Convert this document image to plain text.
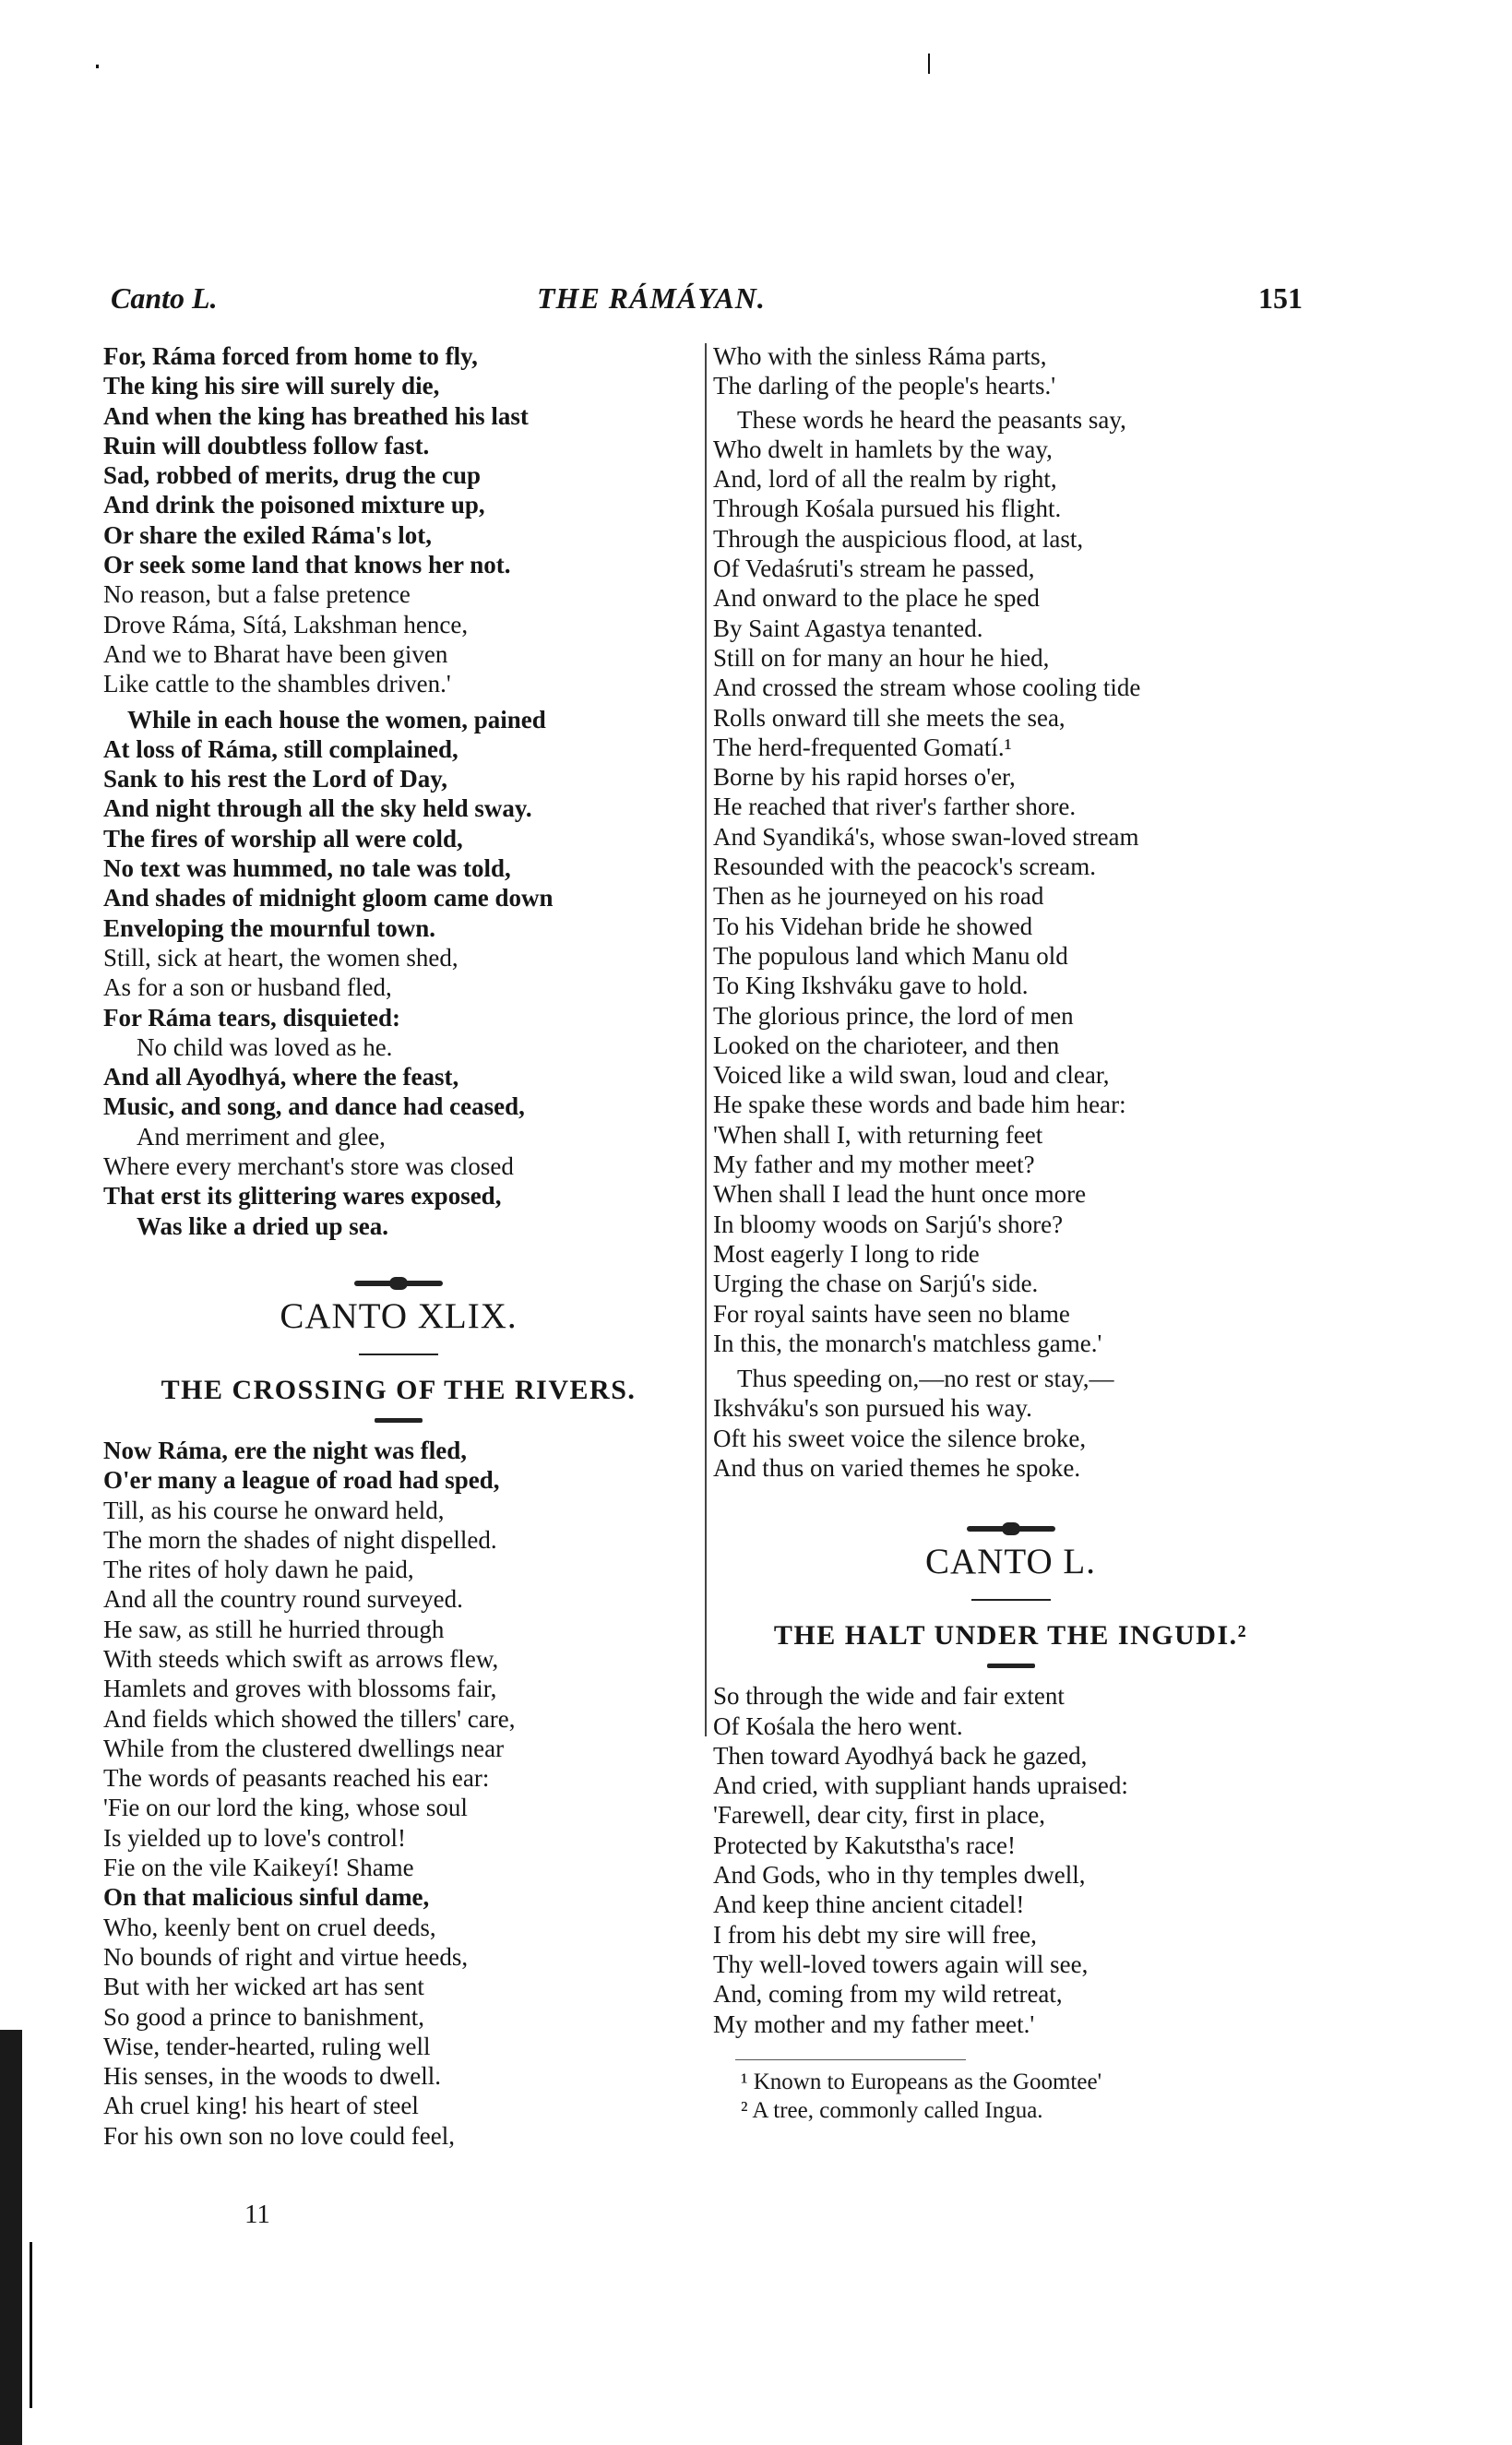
Canto L.	THE RÁMÁYAN.	151
For, Ráma forced from home to fly,
The king his sire will surely die,
And when the king has breathed his last
Ruin will doubtless follow fast.
Sad, robbed of merits, drug the cup
And drink the poisoned mixture up,
Or share the exiled Ráma's lot,
Or seek some land that knows her not.
No reason, but a false pretence
Drove Ráma, Sítá, Lakshman hence,
And we to Bharat have been given
Like cattle to the shambles driven.'
While in each house the women, pained
At loss of Ráma, still complained,
Sank to his rest the Lord of Day,
And night through all the sky held sway.
The fires of worship all were cold,
No text was hummed, no tale was told,
And shades of midnight gloom came down
Enveloping the mournful town.
Still, sick at heart, the women shed,
As for a son or husband fled,
For Ráma tears, disquieted:
No child was loved as he.
And all Ayodhyá, where the feast,
Music, and song, and dance had ceased,
And merriment and glee,
Where every merchant's store was closed
That erst its glittering wares exposed,
Was like a dried up sea.
CANTO XLIX.
THE CROSSING OF THE RIVERS.
Now Ráma, ere the night was fled,
O'er many a league of road had sped,
Till, as his course he onward held,
The morn the shades of night dispelled.
The rites of holy dawn he paid,
And all the country round surveyed.
He saw, as still he hurried through
With steeds which swift as arrows flew,
Hamlets and groves with blossoms fair,
And fields which showed the tillers' care,
While from the clustered dwellings near
The words of peasants reached his ear:
'Fie on our lord the king, whose soul
Is yielded up to love's control!
Fie on the vile Kaikeyí! Shame
On that malicious sinful dame,
Who, keenly bent on cruel deeds,
No bounds of right and virtue heeds,
But with her wicked art has sent
So good a prince to banishment,
Wise, tender-hearted, ruling well
His senses, in the woods to dwell.
Ah cruel king! his heart of steel
For his own son no love could feel,
11
Who with the sinless Ráma parts,
The darling of the people's hearts.'
These words he heard the peasants say,
Who dwelt in hamlets by the way,
And, lord of all the realm by right,
Through Kośala pursued his flight.
Through the auspicious flood, at last,
Of Vedaśruti's stream he passed,
And onward to the place he sped
By Saint Agastya tenanted.
Still on for many an hour he hied,
And crossed the stream whose cooling tide
Rolls onward till she meets the sea,
The herd-frequented Gomatí.¹
Borne by his rapid horses o'er,
He reached that river's farther shore.
And Syandiká's, whose swan-loved stream
Resounded with the peacock's scream.
Then as he journeyed on his road
To his Videhan bride he showed
The populous land which Manu old
To King Ikshváku gave to hold.
The glorious prince, the lord of men
Looked on the charioteer, and then
Voiced like a wild swan, loud and clear,
He spake these words and bade him hear:
'When shall I, with returning feet
My father and my mother meet?
When shall I lead the hunt once more
In bloomy woods on Sarjú's shore?
Most eagerly I long to ride
Urging the chase on Sarjú's side.
For royal saints have seen no blame
In this, the monarch's matchless game.'
Thus speeding on,—no rest or stay,—
Ikshváku's son pursued his way.
Oft his sweet voice the silence broke,
And thus on varied themes he spoke.
CANTO L.
THE HALT UNDER THE INGUDI.²
So through the wide and fair extent
Of Kośala the hero went.
Then toward Ayodhyá back he gazed,
And cried, with suppliant hands upraised:
'Farewell, dear city, first in place,
Protected by Kakutstha's race!
And Gods, who in thy temples dwell,
And keep thine ancient citadel!
I from his debt my sire will free,
Thy well-loved towers again will see,
And, coming from my wild retreat,
My mother and my father meet.'
¹ Known to Europeans as the Goomtee'
² A tree, commonly called Ingua.
